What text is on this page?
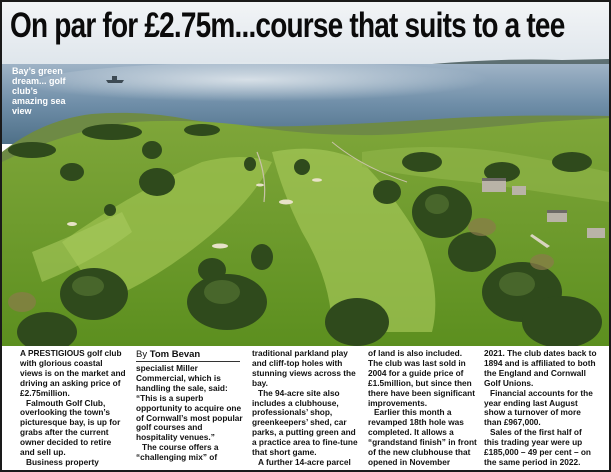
On par for £2.75m...course that suits to a tee
Bay’s green dream... golf club’s amazing sea view

A PRESTIGIOUS golf club with glorious coastal views is on the market and driving an asking price of £2.75million.

Falmouth Golf Club, overlooking the town’s picturesque bay, is up for grabs after the current owner decided to retire and sell up.

Business property

By Tom Bevan

specialist Miller Commercial, which is handling the sale, said: “This is a superb opportunity to acquire one of Cornwall’s most popular golf courses and hospitality venues.”

The course offers a “challenging mix” of

traditional parkland play and cliff-top holes with stunning views across the bay.

The 94-acre site also includes a clubhouse, professionals’ shop, greenkeepers’ shed, car parks, a putting green and a practice area to fine-tune that short game.

A further 14-acre parcel

of land is also included. The club was last sold in 2004 for a guide price of £1.5million, but since then there have been significant improvements.

Earlier this month a revamped 18th hole was completed. It allows a “grandstand finish” in front of the new clubhouse that opened in November

2021. The club dates back to 1894 and is affiliated to both the England and Cornwall Golf Unions.

Financial accounts for the year ending last August show a turnover of more than £967,000.

Sales of the first half of this trading year were up £185,000 – 49 per cent – on the same period in 2022.
